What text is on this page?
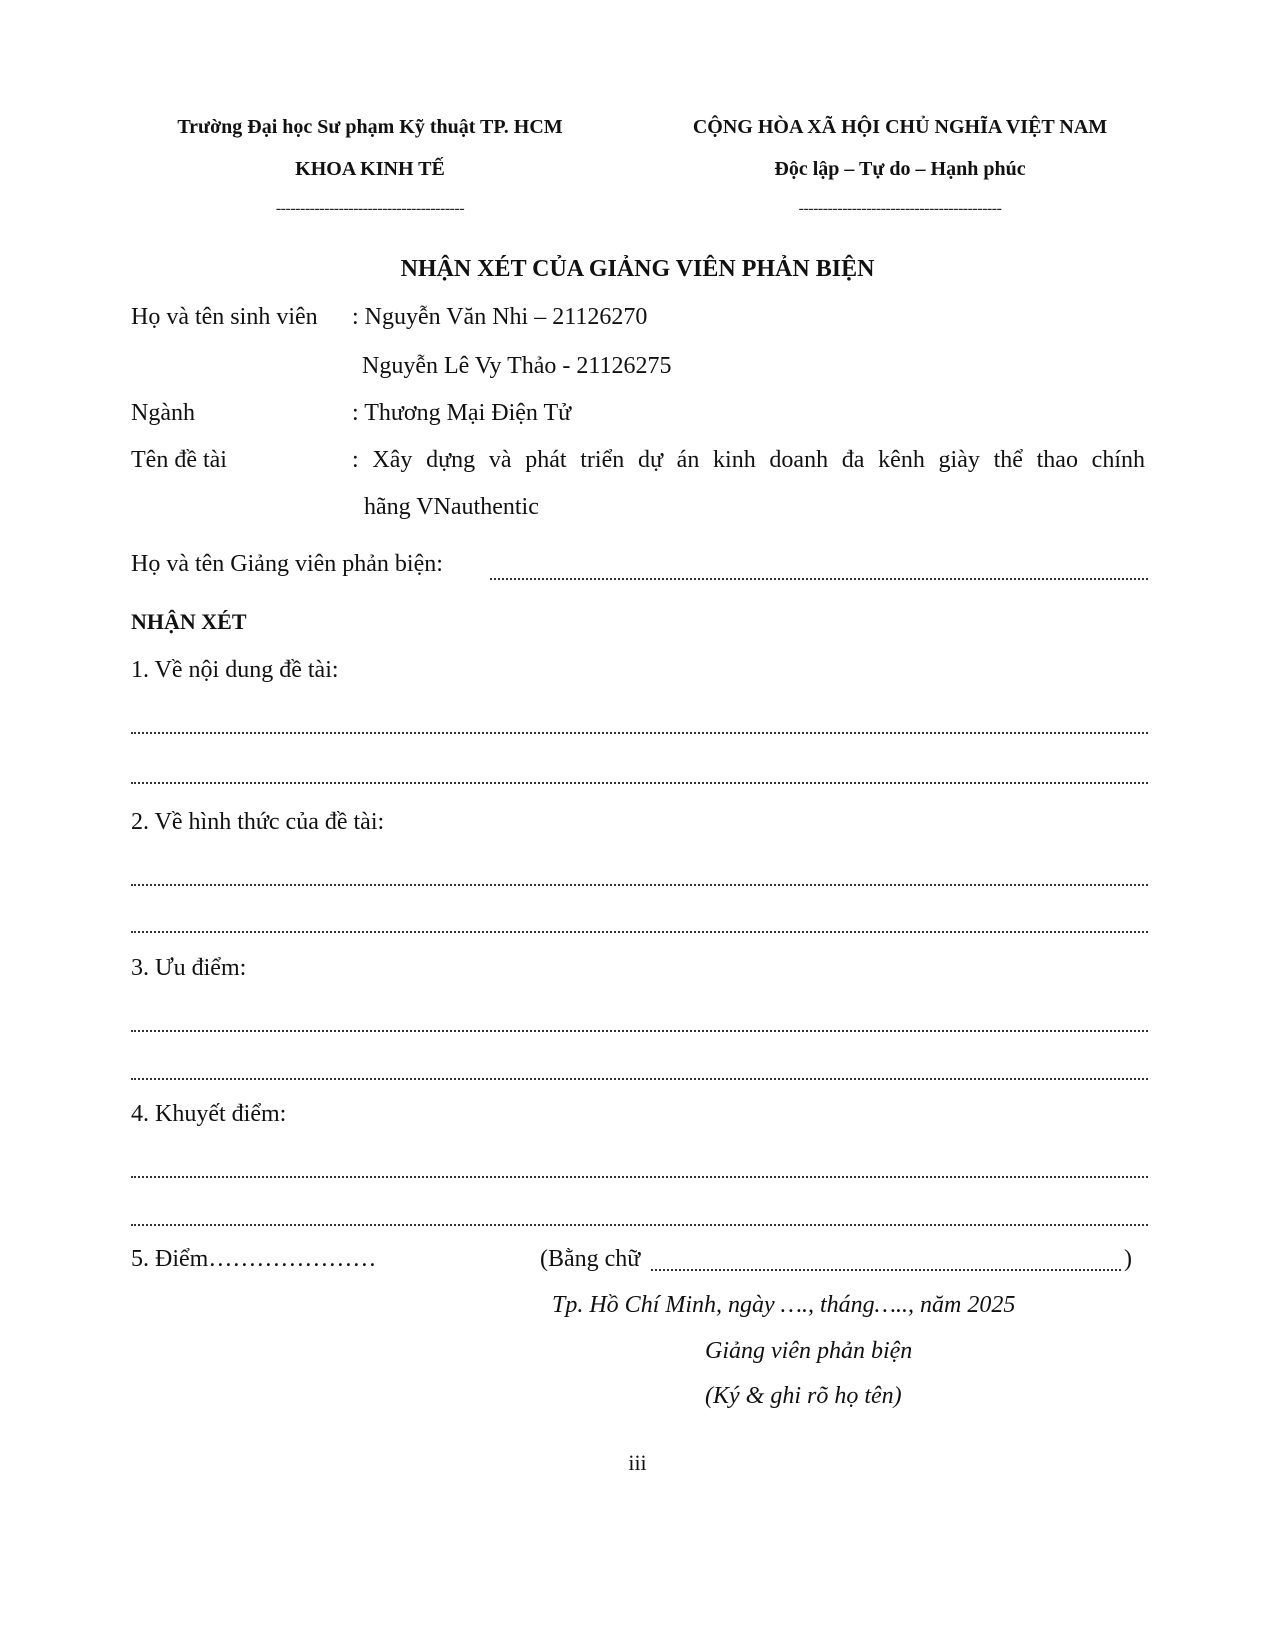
Trường Đại học Sư phạm Kỹ thuật TP. HCM
KHOA KINH TẾ
---------------------------------------
CỘNG HÒA XÃ HỘI CHỦ NGHĨA VIỆT NAM
Độc lập – Tự do – Hạnh phúc
------------------------------------------
NHẬN XÉT CỦA GIẢNG VIÊN PHẢN BIỆN
Họ và tên sinh viên : Nguyễn Văn Nhi – 21126270
Nguyễn Lê Vy Thảo - 21126275
Ngành	: Thương Mại Điện Tử
Tên đề tài	: Xây dựng và phát triển dự án kinh doanh đa kênh giày thể thao chính
hãng VNauthentic
Họ và tên Giảng viên phản biện:
NHẬN XÉT
1. Về nội dung đề tài:
2. Về hình thức của đề tài:
3. Ưu điểm:
4. Khuyết điểm:
5. Điểm…………………	(Bằng chữ	)
Tp. Hồ Chí Minh, ngày …., tháng….., năm 2025
Giảng viên phản biện
(Ký & ghi rõ họ tên)
iii
